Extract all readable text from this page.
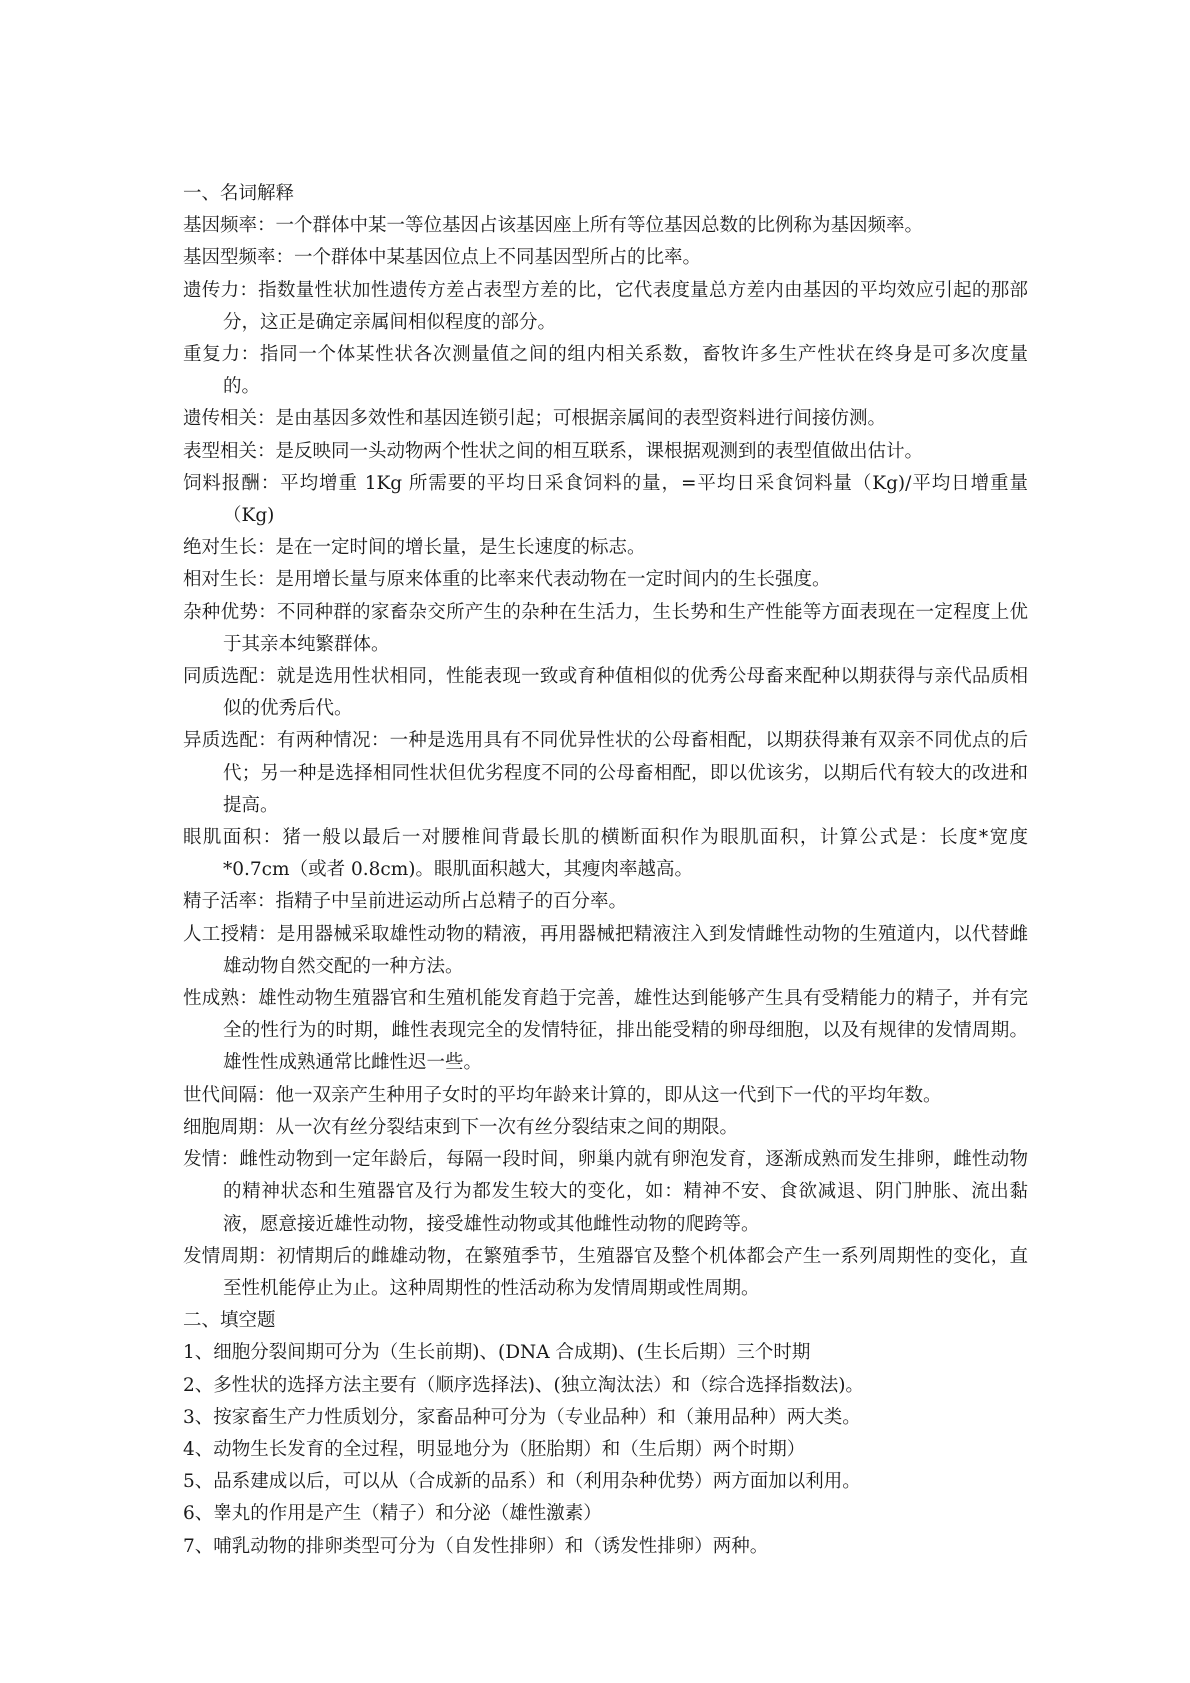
一、名词解释

基因频率：一个群体中某一等位基因占该基因座上所有等位基因总数的比例称为基因频率。

基因型频率：一个群体中某基因位点上不同基因型所占的比率。

遗传力：指数量性状加性遗传方差占表型方差的比，它代表度量总方差内由基因的平均效应引起的那部分，这正是确定亲属间相似程度的部分。

重复力：指同一个体某性状各次测量值之间的组内相关系数，畜牧许多生产性状在终身是可多次度量的。

遗传相关：是由基因多效性和基因连锁引起；可根据亲属间的表型资料进行间接仿测。

表型相关：是反映同一头动物两个性状之间的相互联系，课根据观测到的表型值做出估计。

饲料报酬：平均增重 1Kg 所需要的平均日采食饲料的量，=平均日采食饲料量（Kg)/平均日增重量（Kg)

绝对生长：是在一定时间的增长量，是生长速度的标志。

相对生长：是用增长量与原来体重的比率来代表动物在一定时间内的生长强度。

杂种优势：不同种群的家畜杂交所产生的杂种在生活力，生长势和生产性能等方面表现在一定程度上优于其亲本纯繁群体。

同质选配：就是选用性状相同，性能表现一致或育种值相似的优秀公母畜来配种以期获得与亲代品质相似的优秀后代。

异质选配：有两种情况：一种是选用具有不同优异性状的公母畜相配，以期获得兼有双亲不同优点的后代；另一种是选择相同性状但优劣程度不同的公母畜相配，即以优该劣，以期后代有较大的改进和提高。

眼肌面积：猪一般以最后一对腰椎间背最长肌的横断面积作为眼肌面积，计算公式是：长度*宽度*0.7cm（或者 0.8cm)。眼肌面积越大，其瘦肉率越高。

精子活率：指精子中呈前进运动所占总精子的百分率。

人工授精：是用器械采取雄性动物的精液，再用器械把精液注入到发情雌性动物的生殖道内，以代替雌雄动物自然交配的一种方法。

性成熟：雄性动物生殖器官和生殖机能发育趋于完善，雄性达到能够产生具有受精能力的精子，并有完全的性行为的时期，雌性表现完全的发情特征，排出能受精的卵母细胞，以及有规律的发情周期。雄性性成熟通常比雌性迟一些。

世代间隔：他一双亲产生种用子女时的平均年龄来计算的，即从这一代到下一代的平均年数。

细胞周期：从一次有丝分裂结束到下一次有丝分裂结束之间的期限。

发情：雌性动物到一定年龄后，每隔一段时间，卵巢内就有卵泡发育，逐渐成熟而发生排卵，雌性动物的精神状态和生殖器官及行为都发生较大的变化，如：精神不安、食欲减退、阴门肿胀、流出黏液，愿意接近雄性动物，接受雄性动物或其他雌性动物的爬跨等。

发情周期：初情期后的雌雄动物，在繁殖季节，生殖器官及整个机体都会产生一系列周期性的变化，直至性机能停止为止。这种周期性的性活动称为发情周期或性周期。

二、填空题

1、细胞分裂间期可分为（生长前期)、(DNA 合成期)、(生长后期）三个时期

2、多性状的选择方法主要有（顺序选择法)、(独立淘汰法）和（综合选择指数法)。

3、按家畜生产力性质划分，家畜品种可分为（专业品种）和（兼用品种）两大类。

4、动物生长发育的全过程，明显地分为（胚胎期）和（生后期）两个时期）

5、品系建成以后，可以从（合成新的品系）和（利用杂种优势）两方面加以利用。

6、睾丸的作用是产生（精子）和分泌（雄性激素）

7、哺乳动物的排卵类型可分为（自发性排卵）和（诱发性排卵）两种。
